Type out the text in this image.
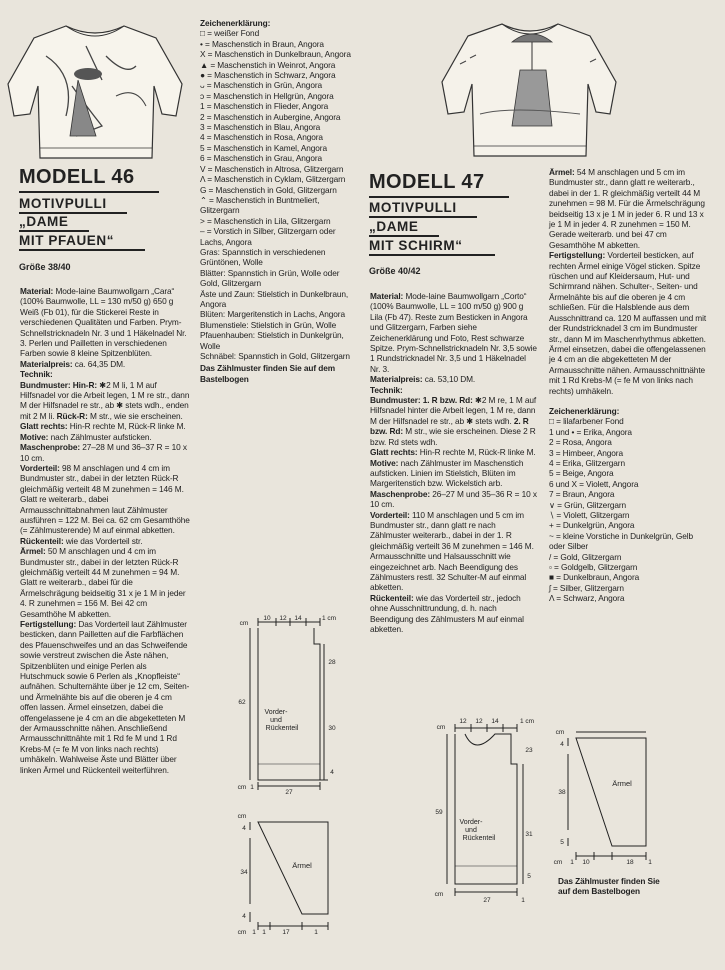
MODELL 46
MOTIVPULLI
„DAME
MIT PFAUEN“
Größe 38/40

Material: Mode-laine Baumwollgarn „Cara“ (100% Baumwolle, LL = 130 m/50 g) 650 g Weiß (Fb 01), für die Stickerei Reste in verschiedenen Qualitäten und Farben. Prym-Schnellstricknadeln Nr. 3 und 1 Häkelnadel Nr. 3. Perlen und Pailletten in verschiedenen Farben sowie 8 kleine Spitzenblüten.

Materialpreis: ca. 64,35 DM.

Technik:

Bundmuster: Hin-R: ✱2 M li, 1 M auf Hilfsnadel vor die Arbeit legen, 1 M re str., dann M der Hilfsnadel re str., ab ✱ stets wdh., enden mit 2 M li. Rück-R: M str., wie sie erscheinen.

Glatt rechts: Hin-R rechte M, Rück-R linke M.

Motive: nach Zählmuster aufsticken.

Maschenprobe: 27–28 M und 36–37 R = 10 x 10 cm.

Vorderteil: 98 M anschlagen und 4 cm im Bundmuster str., dabei in der letzten Rück-R gleichmäßig verteilt 48 M zunehmen = 146 M. Glatt re weiterarb., dabei Armausschnittabnahmen laut Zählmuster ausführen = 122 M. Bei ca. 62 cm Gesamthöhe (= Zählmusterende) M auf einmal abketten.

Rückenteil: wie das Vorderteil str.

Ärmel: 50 M anschlagen und 4 cm im Bundmuster str., dabei in der letzten Rück-R gleichmäßig verteilt 44 M zunehmen = 94 M. Glatt re weiterarb., dabei für die Ärmelschrägung beidseitig 31 x je 1 M in jeder 4. R zunehmen = 156 M. Bei 42 cm Gesamthöhe M abketten.

Fertigstellung: Das Vorderteil laut Zählmuster besticken, dann Pailletten auf die Farbflächen des Pfauenschweifes und an das Schweifende sowie verstreut zwischen die Äste nähen, Spitzenblüten und einige Perlen als Hutschmuck sowie 6 Perlen als „Knopfleiste“ aufnähen. Schulternähte über je 12 cm, Seiten- und Ärmelnähte bis auf die oberen je 4 cm offen lassen. Ärmel einsetzen, dabei die offengelassene je 4 cm an die abgeketteten M der Armausschnitte nähen. Anschließend Armausschnittnähte mit 1 Rd fe M und 1 Rd Krebs-M (= fe M von links nach rechts) umhäkeln. Wahlweise Äste und Blätter über linken Ärmel und Rückenteil weiterführen.

Zeichenerklärung:

□ = weißer Fond

• = Maschenstich in Braun, Angora

X = Maschenstich in Dunkelbraun, Angora

▲ = Maschenstich in Weinrot, Angora

● = Maschenstich in Schwarz, Angora

ᴗ = Maschenstich in Grün, Angora

ɔ = Maschenstich in Hellgrün, Angora

1 = Maschenstich in Flieder, Angora

2 = Maschenstich in Aubergine, Angora

3 = Maschenstich in Blau, Angora

4 = Maschenstich in Rosa, Angora

5 = Maschenstich in Kamel, Angora

6 = Maschenstich in Grau, Angora

V = Maschenstich in Altrosa, Glitzergarn

Λ = Maschenstich in Cyklam, Glitzergarn

G = Maschenstich in Gold, Glitzergarn

⌃ = Maschenstich in Buntmeliert, Glitzergarn

> = Maschenstich in Lila, Glitzergarn

– = Vorstich in Silber, Glitzergarn oder Lachs, Angora

Gras: Spannstich in verschiedenen Grüntönen, Wolle

Blätter: Spannstich in Grün, Wolle oder Gold, Glitzergarn

Äste und Zaun: Stielstich in Dunkelbraun, Angora

Blüten: Margeritenstich in Lachs, Angora

Blumenstiele: Stielstich in Grün, Wolle

Pfauenhauben: Stielstich in Dunkelgrün, Wolle

Schnäbel: Spannstich in Gold, Glitzergarn

Das Zählmuster finden Sie auf dem Bastelbogen

MODELL 47
MOTIVPULLI
„DAME
MIT SCHIRM“
Größe 40/42

Material: Mode-laine Baumwollgarn „Corto“ (100% Baumwolle, LL = 100 m/50 g) 900 g Lila (Fb 47). Reste zum Besticken in Angora und Glitzergarn, Farben siehe Zeichenerklärung und Foto, Rest schwarze Spitze. Prym-Schnellstricknadeln Nr. 3,5 sowie 1 Rundstricknadel Nr. 3,5 und 1 Häkelnadel Nr. 3.

Materialpreis: ca. 53,10 DM.

Technik:

Bundmuster: 1. R bzw. Rd: ✱2 M re, 1 M auf Hilfsnadel hinter die Arbeit legen, 1 M re, dann M der Hilfsnadel re str., ab ✱ stets wdh. 2. R bzw. Rd: M str., wie sie erscheinen. Diese 2 R bzw. Rd stets wdh.

Glatt rechts: Hin-R rechte M, Rück-R linke M.

Motive: nach Zählmuster im Maschenstich aufsticken. Linien im Stielstich, Blüten im Margeritenstich bzw. Wickelstich arb.

Maschenprobe: 26–27 M und 35–36 R = 10 x 10 cm.

Vorderteil: 110 M anschlagen und 5 cm im Bundmuster str., dann glatt re nach Zählmuster weiterarb., dabei in der 1. R gleichmäßig verteilt 36 M zunehmen = 146 M. Armausschnitte und Halsausschnitt wie eingezeichnet arb. Nach Beendigung des Zählmusters restl. 32 Schulter-M auf einmal abketten.

Rückenteil: wie das Vorderteil str., jedoch ohne Ausschnittrundung, d. h. nach Beendigung des Zählmusters M auf einmal abketten.

Ärmel: 54 M anschlagen und 5 cm im Bundmuster str., dann glatt re weiterarb., dabei in der 1. R gleichmäßig verteilt 44 M zunehmen = 98 M. Für die Ärmelschrägung beidseitig 13 x je 1 M in jeder 6. R und 13 x je 1 M in jeder 4. R zunehmen = 150 M. Gerade weiterarb. und bei 47 cm Gesamthöhe M abketten.

Fertigstellung: Vorderteil besticken, auf rechten Ärmel einige Vögel sticken. Spitze rüschen und auf Kleidersaum, Hut- und Schirmrand nähen. Schulter-, Seiten- und Ärmelnähte bis auf die oberen je 4 cm schließen. Für die Halsblende aus dem Ausschnittrand ca. 120 M auffassen und mit der Rundstricknadel 3 cm im Bundmuster str., dann M im Maschenrhythmus abketten. Ärmel einsetzen, dabei die offengelassenen je 4 cm an die abgeketteten M der Armausschnitte nähen. Armausschnittnähte mit 1 Rd Krebs-M (= fe M von links nach rechts) umhäkeln.

Zeichenerklärung:

□ = lilafarbener Fond

1 und • = Erika, Angora

2 = Rosa, Angora

3 = Himbeer, Angora

4 = Erika, Glitzergarn

5 = Beige, Angora

6 und X = Violett, Angora

7 = Braun, Angora

∨ = Grün, Glitzergarn

∖ = Violett, Glitzergarn

+ = Dunkelgrün, Angora

~ = kleine Vorstiche in Dunkelgrün, Gelb oder Silber

/ = Gold, Glitzergarn

▫ = Goldgelb, Glitzergarn

■ = Dunkelbraun, Angora

ʃ = Silber, Glitzergarn

Λ = Schwarz, Angora

cm
10 12 14	1 cm
Vorder-
und
Rückenteil
62
28
30
4
cm 1
27
cm
Ärmel
4
34
4
cm 1 1	17	1
cm
12 12 14	1 cm
Vorder-
und
Rückenteil
59
31
23
5
cm
27	1
cm
Ärmel
4
38
5
cm 1 10	18 1
Das Zählmuster finden Sie auf dem Bastelbogen
